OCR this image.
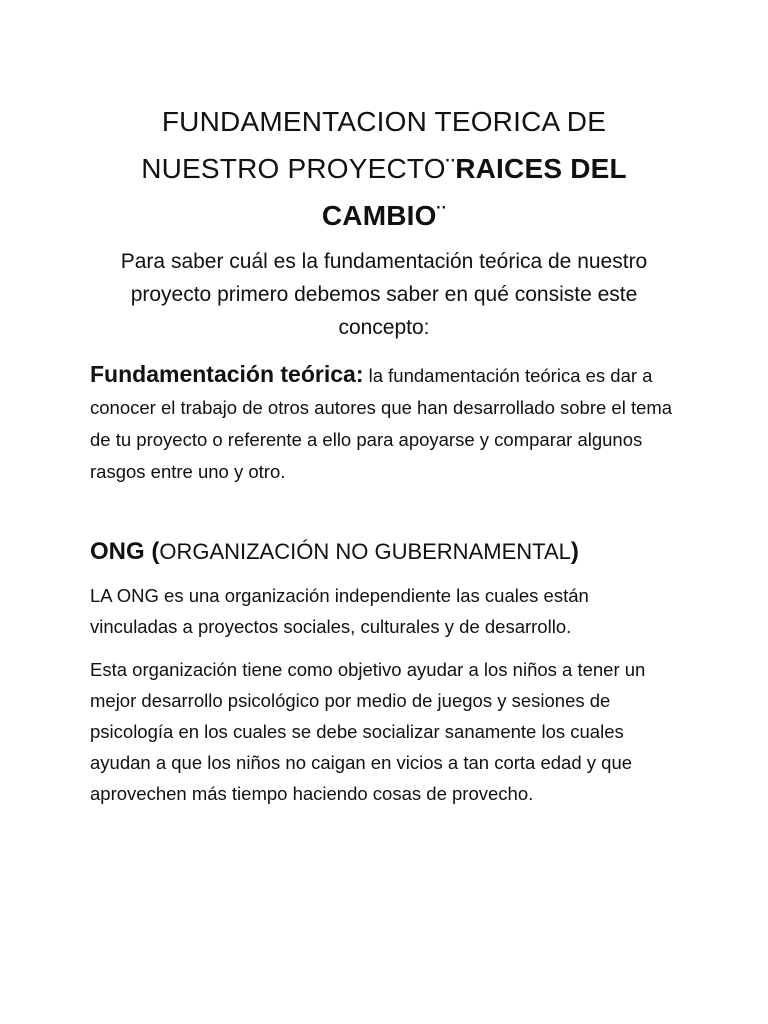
FUNDAMENTACION TEORICA DE
NUESTRO PROYECTO¨RAICES DEL
CAMBIO¨

Para saber cuál es la fundamentación teórica de nuestro proyecto primero debemos saber en qué consiste este concepto:

Fundamentación teórica: la fundamentación teórica es dar a conocer el trabajo de otros autores que han desarrollado sobre el tema de tu proyecto o referente a ello para apoyarse y comparar algunos rasgos entre uno y otro.

ONG (ORGANIZACIÓN NO GUBERNAMENTAL)

LA ONG es una organización independiente las cuales están vinculadas a proyectos sociales, culturales y de desarrollo.

Esta organización tiene como objetivo ayudar a los niños a tener un mejor desarrollo psicológico por medio de juegos y sesiones de psicología en los cuales se debe socializar sanamente los cuales ayudan a que los niños no caigan en vicios a tan corta edad y que aprovechen más tiempo haciendo cosas de provecho.
